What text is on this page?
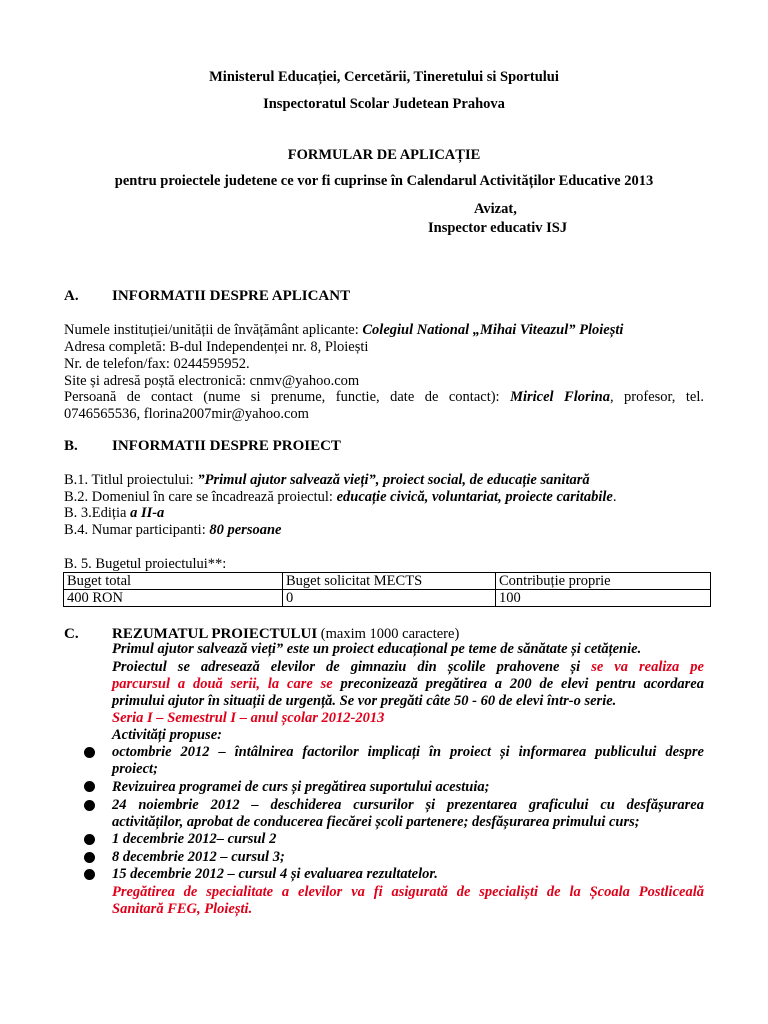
Ministerul Educației, Cercetării, Tineretului si Sportului
Inspectoratul Scolar Judetean Prahova
FORMULAR DE APLICAȚIE
pentru proiectele judetene ce vor fi cuprinse în Calendarul Activităților Educative 2013
Avizat,
Inspector educativ ISJ
A. INFORMATII DESPRE APLICANT
Numele instituției/unității de învățământ aplicante: Colegiul National „Mihai Viteazul” Ploiești
Adresa completă: B-dul Independenței nr. 8, Ploiești
Nr. de telefon/fax: 0244595952.
Site și adresă poștă electronică: cnmv@yahoo.com
Persoană de contact (nume si prenume, functie, date de contact): Miricel Florina, profesor, tel.
0746565536, florina2007mir@yahoo.com
B. INFORMATII DESPRE PROIECT
B.1. Titlul proiectului: ”Primul ajutor salvează vieți”, proiect social, de educație sanitară
B.2. Domeniul în care se încadrează proiectul: educație civică, voluntariat, proiecte caritabile.
B. 3.Ediția a II-a
B.4. Numar participanti: 80 persoane
B. 5. Bugetul proiectului**:
Buget total	Buget solicitat MECTS	Contribuție proprie
400 RON	0	100
C. REZUMATUL PROIECTULUI (maxim 1000 caractere)
Primul ajutor salvează vieți” este un proiect educațional pe teme de sănătate și cetățenie.
Proiectul se adresează elevilor de gimnaziu din școlile prahovene și se va realiza pe
parcursul a două serii, la care se preconizează pregătirea a 200 de elevi pentru acordarea
primului ajutor în situații de urgență. Se vor pregăti câte 50 - 60 de elevi într-o serie.
Seria I – Semestrul I – anul școlar 2012-2013
Activități propuse:
octombrie 2012 – întâlnirea factorilor implicați în proiect și informarea publicului despre
proiect;
Revizuirea programei de curs și pregătirea suportului acestuia;
24 noiembrie 2012 – deschiderea cursurilor și prezentarea graficului cu desfășurarea
activităților, aprobat de conducerea fiecărei școli partenere; desfășurarea primului curs;
1 decembrie 2012– cursul 2
8 decembrie 2012 – cursul 3;
15 decembrie 2012 – cursul 4 și evaluarea rezultatelor.
Pregătirea de specialitate a elevilor va fi asigurată de specialiști de la Școala Postliceală
Sanitară FEG, Ploiești.
